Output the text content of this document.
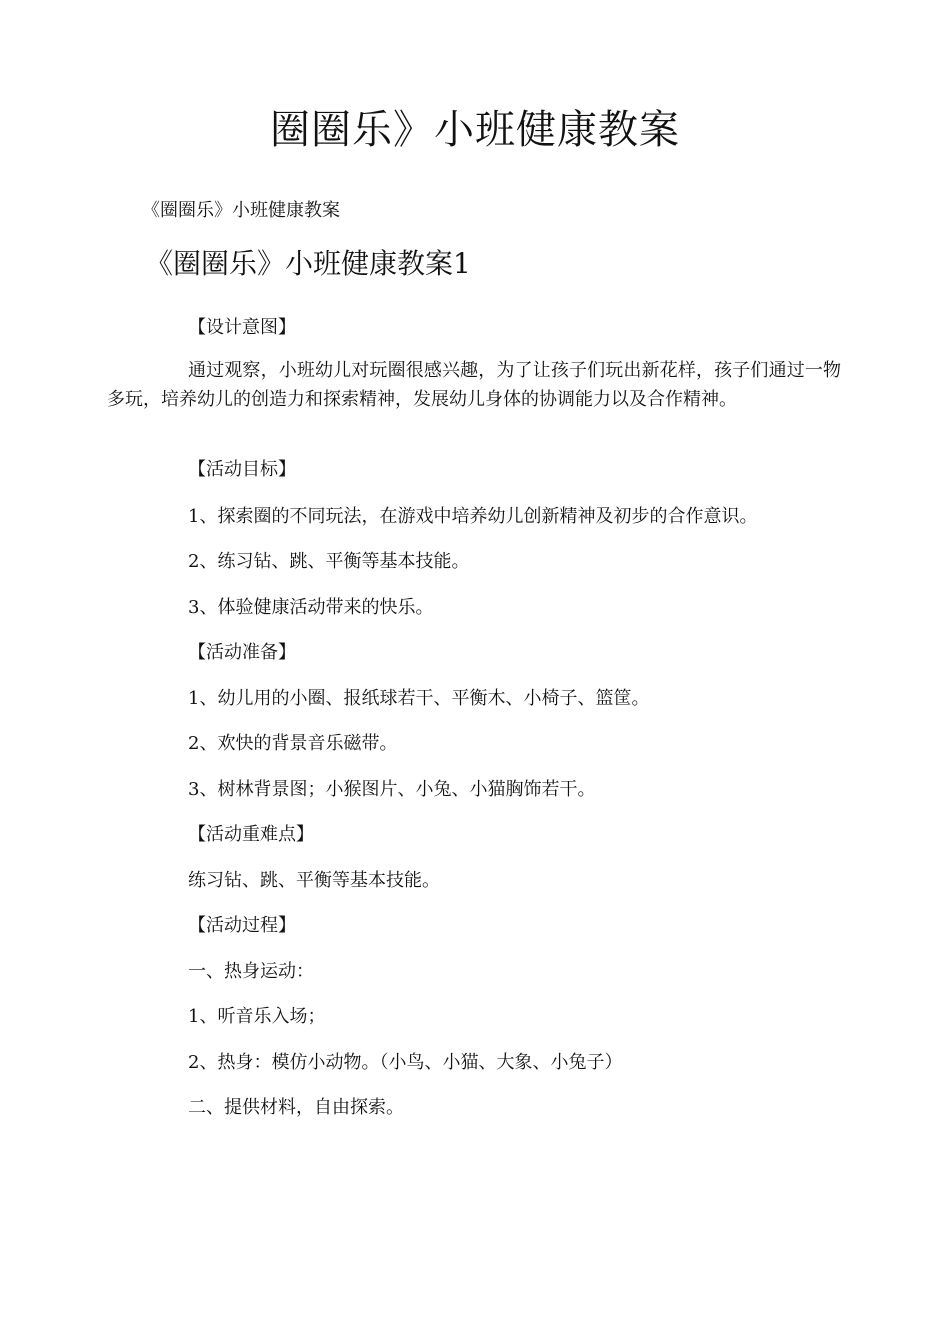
圈圈乐》小班健康教案

《圈圈乐》小班健康教案

《圈圈乐》小班健康教案1

【设计意图】

通过观察，小班幼儿对玩圈很感兴趣，为了让孩子们玩出新花样，孩子们通过一物多玩，培养幼儿的创造力和探索精神，发展幼儿身体的协调能力以及合作精神。

【活动目标】

1、探索圈的不同玩法，在游戏中培养幼儿创新精神及初步的合作意识。

2、练习钻、跳、平衡等基本技能。

3、体验健康活动带来的快乐。

【活动准备】

1、幼儿用的小圈、报纸球若干、平衡木、小椅子、篮筐。

2、欢快的背景音乐磁带。

3、树林背景图；小猴图片、小兔、小猫胸饰若干。

【活动重难点】

练习钻、跳、平衡等基本技能。

【活动过程】

一、热身运动：

1、听音乐入场；

2、热身：模仿小动物。（小鸟、小猫、大象、小兔子）

二、提供材料，自由探索。
